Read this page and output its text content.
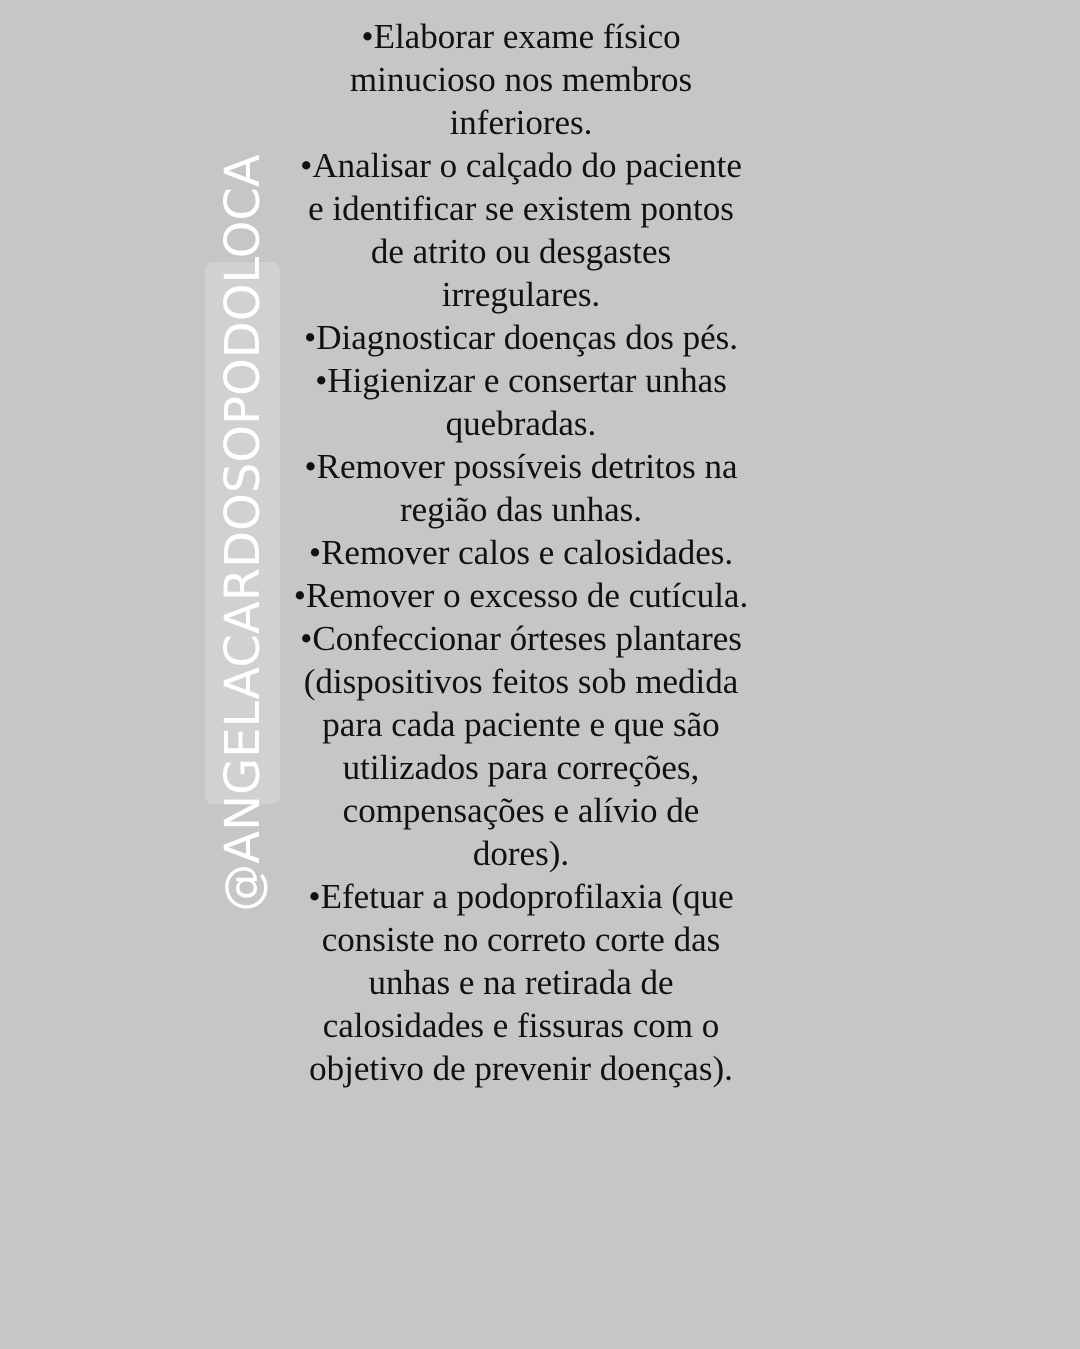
@ANGELACARDOSOPODOLOCA

•Elaborar exame físico minucioso nos membros inferiores.

•Analisar o calçado do paciente e identificar se existem pontos de atrito ou desgastes irregulares.

•Diagnosticar doenças dos pés.

•Higienizar e consertar unhas quebradas.

•Remover possíveis detritos na região das unhas.

•Remover calos e calosidades.

•Remover o excesso de cutícula.

•Confeccionar órteses plantares (dispositivos feitos sob medida para cada paciente e que são utilizados para correções, compensações e alívio de dores).

•Efetuar a podoprofilaxia (que consiste no correto corte das unhas e na retirada de calosidades e fissuras com o objetivo de prevenir doenças).
